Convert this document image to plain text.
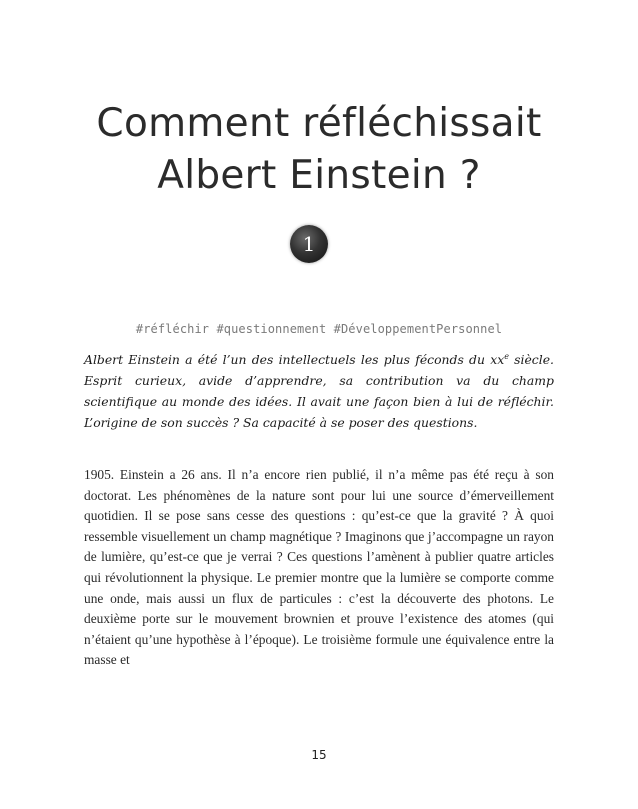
Comment réfléchissait
Albert Einstein ?
1
#réfléchir #questionnement #DéveloppementPersonnel

Albert Einstein a été l’un des intellectuels les plus féconds du $xx^e$ siècle. Esprit curieux, avide d’apprendre, sa contribution va du champ scientifique au monde des idées. Il avait une façon bien à lui de réfléchir. L’origine de son succès ? Sa capacité à se poser des questions.

1905. Einstein a 26 ans. Il n’a encore rien publié, il n’a même pas été reçu à son doctorat. Les phénomènes de la nature sont pour lui une source d’émerveillement quotidien. Il se pose sans cesse des questions : qu’est-ce que la gravité ? À quoi ressemble visuellement un champ magnétique ? Imaginons que j’accompagne un rayon de lumière, qu’est-ce que je verrai ? Ces questions l’amènent à publier quatre articles qui révolutionnent la physique. Le premier montre que la lumière se comporte comme une onde, mais aussi un flux de particules : c’est la découverte des photons. Le deuxième porte sur le mouvement brownien et prouve l’existence des atomes (qui n’étaient qu’une hypothèse à l’époque). Le troisième formule une équivalence entre la masse et

15
